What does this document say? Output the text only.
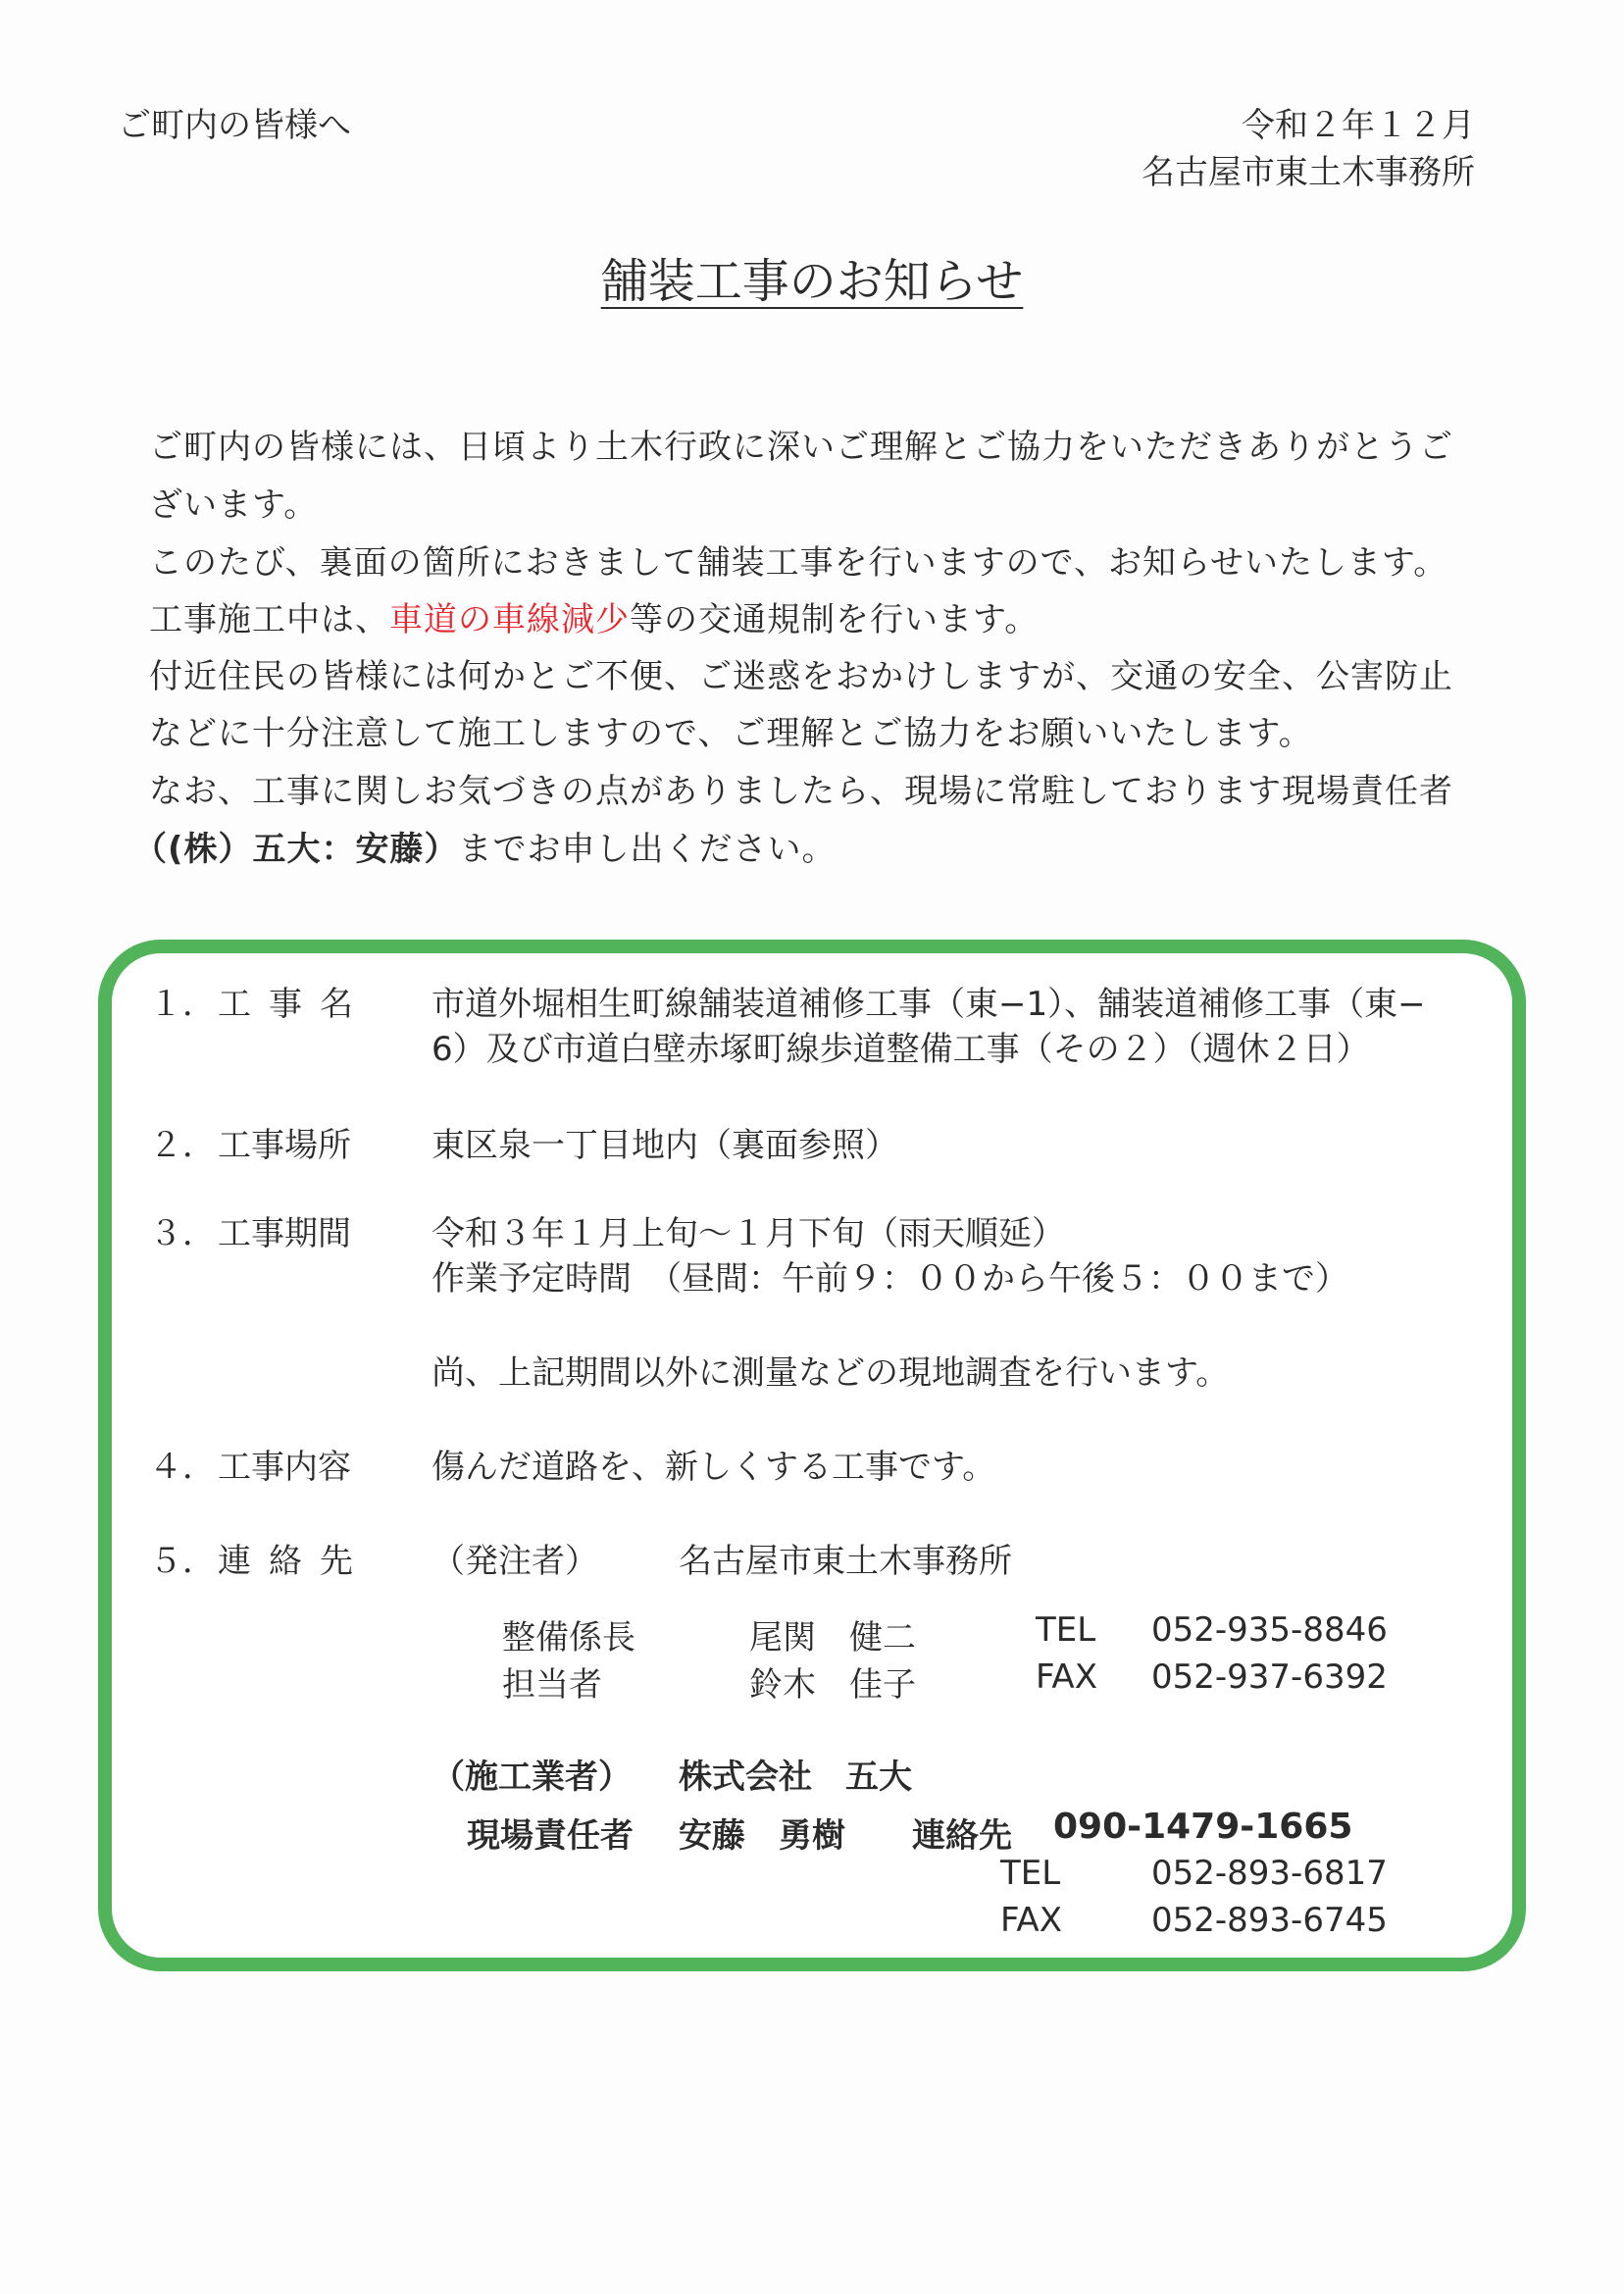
ご町内の皆様へ	令和２年１２月
名古屋市東土木事務所
舗装工事のお知らせ
ご町内の皆様には、日頃より土木行政に深いご理解とご協力をいただきありがとうご
ざいます。
このたび、裏面の箇所におきまして舗装工事を行いますので、お知らせいたします。
工事施工中は、車道の車線減少等の交通規制を行います。
付近住民の皆様には何かとご不便、ご迷惑をおかけしますが、交通の安全、公害防止
などに十分注意して施工しますので、ご理解とご協力をお願いいたします。
なお、工事に関しお気づきの点がありましたら、現場に常駐しております現場責任者
（(株）五大：安藤）までお申し出ください。
１． 工事名 市道外堀相生町線舗装道補修工事（東−1）、舗装道補修工事（東−
6）及び市道白壁赤塚町線歩道整備工事（その２）（週休２日）
２． 工事場所 東区泉一丁目地内（裏面参照）
３． 工事期間 令和３年１月上旬〜１月下旬（雨天順延）
作業予定時間　（昼間：午前９：００から午後５：００まで）
尚、上記期間以外に測量などの現地調査を行います。
４． 工事内容 傷んだ道路を、新しくする工事です。
５． 連絡先 （発注者） 名古屋市東土木事務所
整備係長	尾関　健二	TEL 052-935-8846
担当者	鈴木　佳子	FAX 052-937-6392
（施工業者） 株式会社　五大
現場責任者 安藤　勇樹 連絡先 090-1479-1665
TEL	052-893-6817
FAX	052-893-6745
